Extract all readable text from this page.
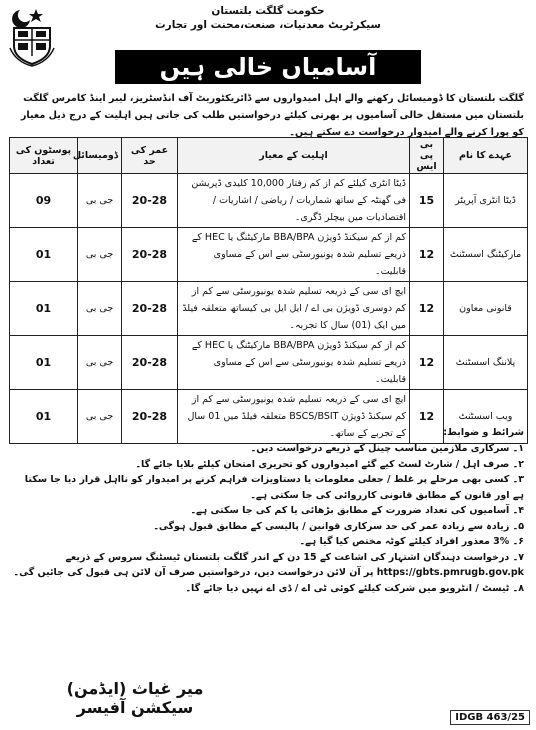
حکومت گلگت بلتستان
سیکرٹریٹ معدنیات، صنعت،محنت اور تجارت
آسامیاں خالی ہیں
گلگت بلتستان کا ڈومیسائل رکھنے والے اہل امیدواروں سے ڈائریکٹوریٹ آف انڈسٹریز، لیبر اینڈ کامرس گلگت بلتستان میں مستقل خالی آسامیوں پر بھرتی کیلئے درخواستیں طلب کی جاتی ہیں اہلیت کے درج ذیل معیار کو پورا کرنے والے امیدوار درخواست دے سکتے ہیں۔
عہدے کا نام	بی پی ایس	اہلیت کے معیار	عمر کی حد	ڈومیسائل	پوسٹوں کی تعداد
ڈیٹا انٹری آپریٹر	15	ڈیٹا انٹری کیلئے کم از کم رفتار 10,000 کلیدی ڈپریشن فی گھنٹہ کے ساتھ شماریات / ریاضی / اشاریات / اقتصادیات میں بیچلر ڈگری۔	20-28	جی بی	09
مارکیٹنگ اسسٹنٹ	12	کم از کم سیکنڈ ڈویژن BBA/BPA مارکیٹنگ یا HEC کے ذریعے تسلیم شدہ یونیورسٹی سے اس کے مساوی قابلیت۔	20-28	جی بی	01
قانونی معاون	12	ایچ ای سی کے ذریعہ تسلیم شدہ یونیورسٹی سے کم از کم دوسری ڈویژن بی اے / ایل ایل بی کیساتھ متعلقہ فیلڈ میں ایک (01) سال کا تجربہ۔	20-28	جی بی	01
پلاننگ اسسٹنٹ	12	کم از کم سیکنڈ ڈویژن BBA/BPA مارکیٹنگ یا HEC کے ذریعے تسلیم شدہ یونیورسٹی سے اس کے مساوی قابلیت۔	20-28	جی بی	01
ویب اسسٹنٹ	12	ایچ ای سی کے ذریعہ تسلیم شدہ یونیورسٹی سے کم از کم سیکنڈ ڈویژن BSCS/BSIT متعلقہ فیلڈ میں 01 سال کے تجربے کے ساتھ۔	20-28	جی بی	01
شرائط و ضوابط:
۱۔ سرکاری ملازمین مناسب چینل کے ذریعے درخواست دیں۔
۲۔ صرف اہل / شارٹ لسٹ کیے گئے امیدواروں کو تحریری امتحان کیلئے بلایا جائے گا۔
۳۔ کسی بھی مرحلے پر غلط / جعلی معلومات یا دستاویزات فراہم کرنے پر امیدوار کو نااہل قرار دیا جا سکتا ہے اور قانون کے مطابق قانونی کارروائی کی جا سکتی ہے۔
۴۔ آسامیوں کی تعداد ضرورت کے مطابق بڑھائی یا کم کی جا سکتی ہے۔
۵۔ زیادہ سے زیادہ عمر کی حد سرکاری قوانین / پالیسی کے مطابق قبول ہوگی۔
۶۔ %3 معذور افراد کیلئے کوٹہ مختص کیا گیا ہے۔
۷۔ درخواست دہندگان اشتہار کی اشاعت کے 15 دن کے اندر گلگت بلتستان ٹیسٹنگ سروس کے ذریعے https://gbts.pmrugb.gov.pk پر آن لائن درخواست دیں، درخواستیں صرف آن لائن ہی قبول کی جائیں گی۔
۸۔ ٹیسٹ / انٹرویو میں شرکت کیلئے کوئی ٹی اے / ڈی اے نہیں دیا جائے گا۔
میر غیاث (ایڈمن) سیکشن آفیسر
IDGB 463/25
